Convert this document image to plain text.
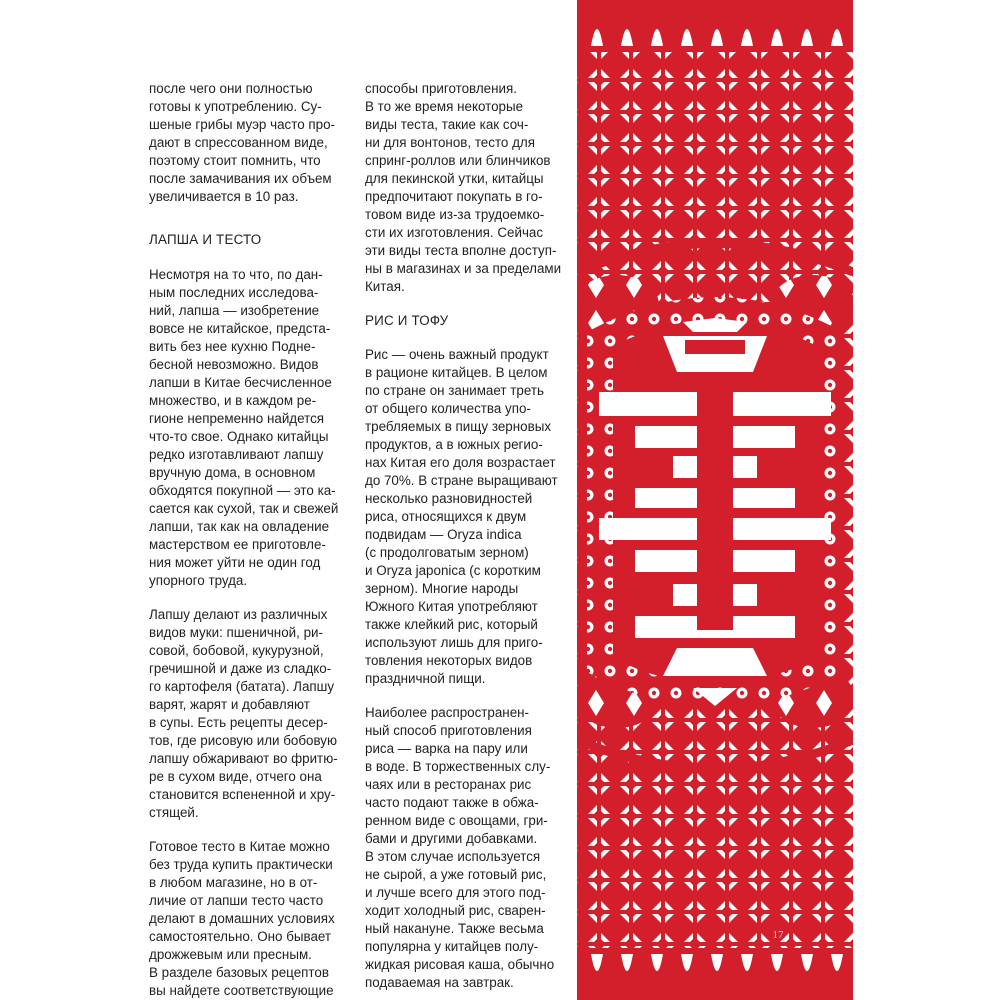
после чего они полностью
готовы к употреблению. Су-
шеные грибы муэр часто про-
дают в спрессованном виде,
поэтому стоит помнить, что
после замачивания их объем
увеличивается в 10 раз.
ЛАПША И ТЕСТО
Несмотря на то что, по дан-
ным последних исследова-
ний, лапша — изобретение
вовсе не китайское, предста-
вить без нее кухню Подне-
бесной невозможно. Видов
лапши в Китае бесчисленное
множество, и в каждом ре-
гионе непременно найдется
что-то свое. Однако китайцы
редко изготавливают лапшу
вручную дома, в основном
обходятся покупной — это ка-
сается как сухой, так и свежей
лапши, так как на овладение
мастерством ее приготовле-
ния может уйти не один год
упорного труда.
Лапшу делают из различных
видов муки: пшеничной, ри-
совой, бобовой, кукурузной,
гречишной и даже из сладко-
го картофеля (батата). Лапшу
варят, жарят и добавляют
в супы. Есть рецепты десер-
тов, где рисовую или бобовую
лапшу обжаривают во фритю-
ре в сухом виде, отчего она
становится вспененной и хру-
стящей.
Готовое тесто в Китае можно
без труда купить практически
в любом магазине, но в от-
личие от лапши тесто часто
делают в домашних условиях
самостоятельно. Оно бывает
дрожжевым или пресным.
В разделе базовых рецептов
вы найдете соответствующие
способы приготовления.
В то же время некоторые
виды теста, такие как соч-
ни для вонтонов, тесто для
спринг-роллов или блинчиков
для пекинской утки, китайцы
предпочитают покупать в го-
товом виде из-за трудоемко-
сти их изготовления. Сейчас
эти виды теста вполне доступ-
ны в магазинах и за пределами
Китая.
РИС И ТОФУ
Рис — очень важный продукт
в рационе китайцев. В целом
по стране он занимает треть
от общего количества упо-
требляемых в пищу зерновых
продуктов, а в южных регио-
нах Китая его доля возрастает
до 70%. В стране выращивают
несколько разновидностей
риса, относящихся к двум
подвидам — Oryza indica
(с продолговатым зерном)
и Oryza japonica (с коротким
зерном). Многие народы
Южного Китая употребляют
также клейкий рис, который
используют лишь для приго-
товления некоторых видов
праздничной пищи.
Наиболее распространен-
ный способ приготовления
риса — варка на пару или
в воде. В торжественных слу-
чаях или в ресторанах рис
часто подают также в обжа-
ренном виде с овощами, гри-
бами и другими добавками.
В этом случае используется
не сырой, а уже готовый рис,
и лучше всего для этого под-
ходит холодный рис, сварен-
ный накануне. Также весьма
популярна у китайцев полу-
жидкая рисовая каша, обычно
подаваемая на завтрак.
17
